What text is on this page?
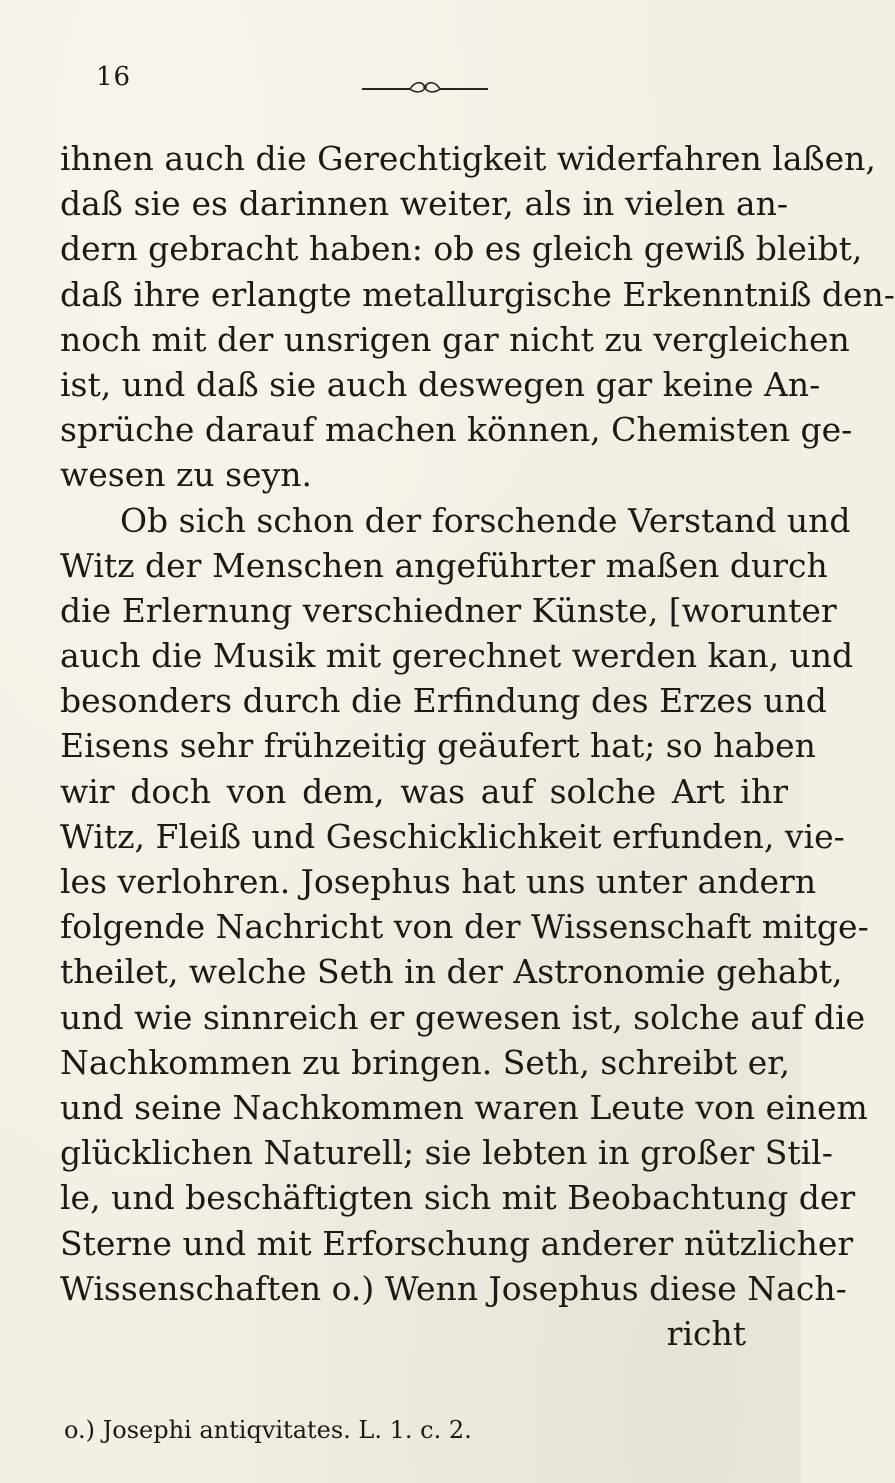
16
ihnen auch die Gerechtigkeit widerfahren laßen,
daß sie es darinnen weiter, als in vielen an-
dern gebracht haben: ob es gleich gewiß bleibt,
daß ihre erlangte metallurgische Erkenntniß den-
noch mit der unsrigen gar nicht zu vergleichen
ist, und daß sie auch deswegen gar keine An-
sprüche darauf machen können, Chemisten ge-
wesen zu seyn.
Ob sich schon der forschende Verstand und
Witz der Menschen angeführter maßen durch
die Erlernung verschiedner Künste, [worunter
auch die Musik mit gerechnet werden kan, und
besonders durch die Erfindung des Erzes und
Eisens sehr frühzeitig geäufert hat; so haben
wir doch von dem, was auf solche Art ihr
Witz, Fleiß und Geschicklichkeit erfunden, vie-
les verlohren. Josephus hat uns unter andern
folgende Nachricht von der Wissenschaft mitge-
theilet, welche Seth in der Astronomie gehabt,
und wie sinnreich er gewesen ist, solche auf die
Nachkommen zu bringen. Seth, schreibt er,
und seine Nachkommen waren Leute von einem
glücklichen Naturell; sie lebten in großer Stil-
le, und beschäftigten sich mit Beobachtung der
Sterne und mit Erforschung anderer nützlicher
Wissenschaften o.) Wenn Josephus diese Nach-
richt
o.) Josephi antiqvitates. L. 1. c. 2.
